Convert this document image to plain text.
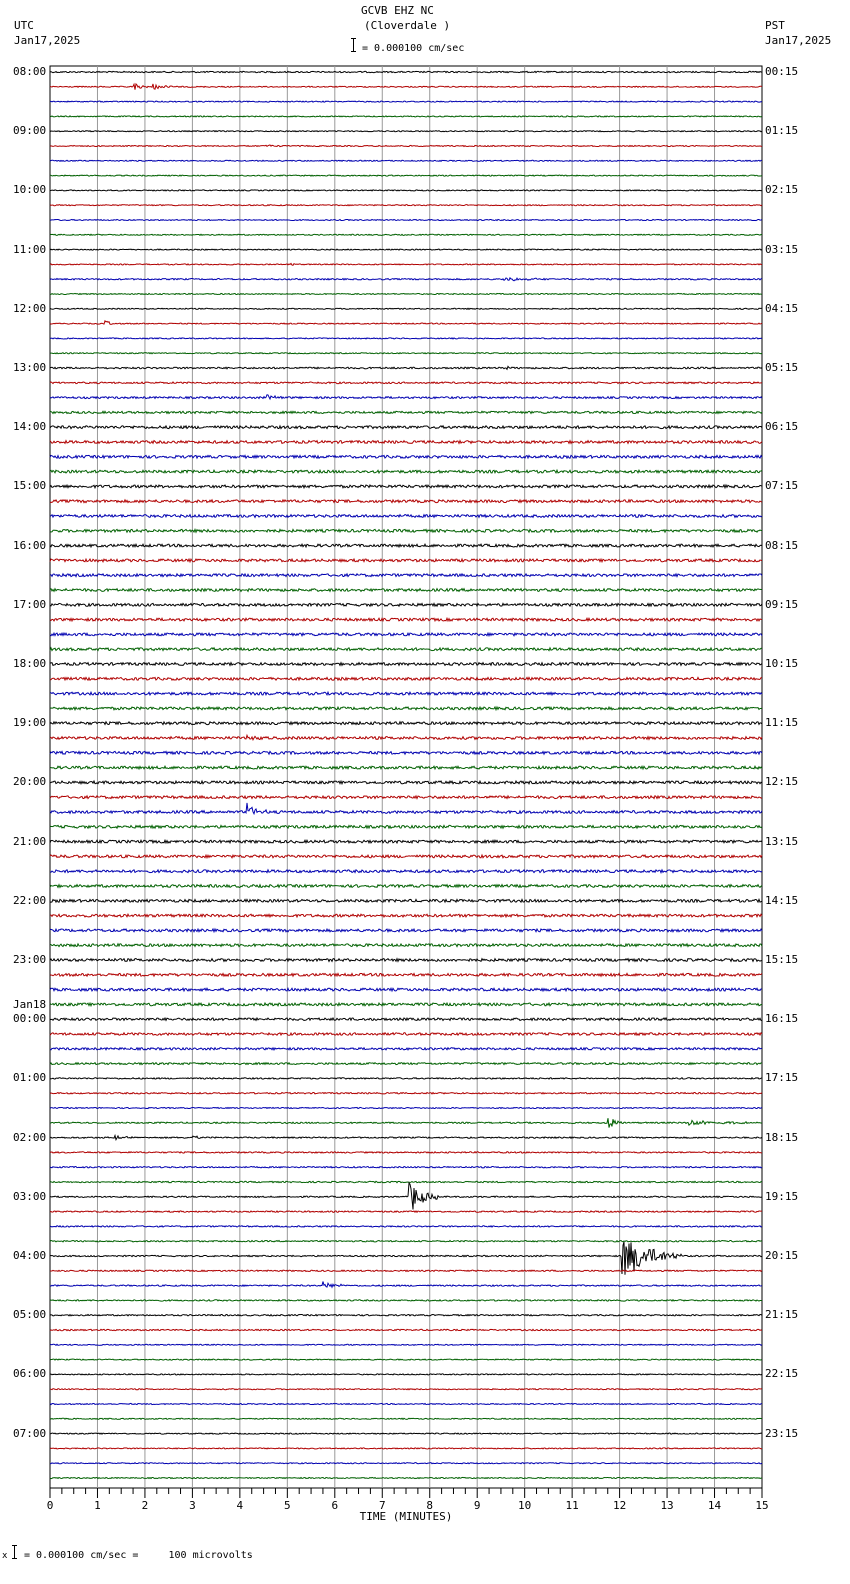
0	1	2	3	4	5	6	7	8	9	10	11	12	13	14	15
TIME (MINUTES)
GCVB EHZ NC
(Cloverdale )
= 0.000100 cm/sec
UTC
Jan17,2025
PST
Jan17,2025
x = 0.000100 cm/sec =     100 microvolts
08:00
09:00
10:00
11:00
12:00
13:00
14:00
15:00
16:00
17:00
18:00
19:00
20:00
21:00
22:00
23:00
00:00
01:00
02:00
03:00
04:00
05:00
06:00
07:00
Jan18
00:15
01:15
02:15
03:15
04:15
05:15
06:15
07:15
08:15
09:15
10:15
11:15
12:15
13:15
14:15
15:15
16:15
17:15
18:15
19:15
20:15
21:15
22:15
23:15
